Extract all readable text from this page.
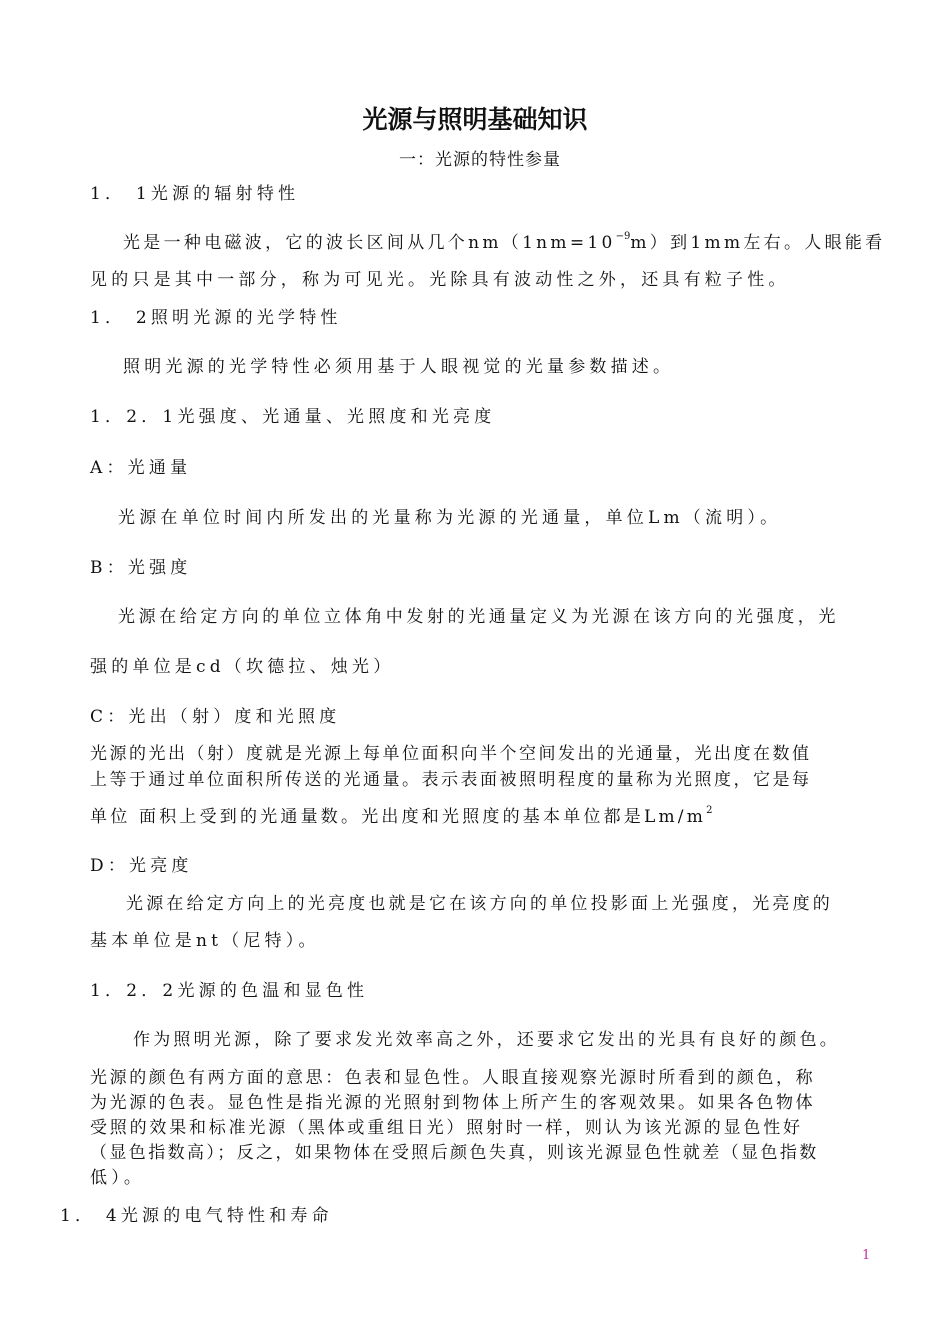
光源与照明基础知识
一：光源的特性参量
1． 1光源的辐射特性
光是一种电磁波，它的波长区间从几个$nm(1nm=10^{-9}m)$到1mm左右。人眼能看
见的只是其中一部分，称为可见光。光除具有波动性之外，还具有粒子性。
1． 2照明光源的光学特性
照明光源的光学特性必须用基于人眼视觉的光量参数描述。
1．2．1光强度、光通量、光照度和光亮度
A：光通量
光源在单位时间内所发出的光量称为光源的光通量，单位Lm（流明）。
B：光强度
光源在给定方向的单位立体角中发射的光通量定义为光源在该方向的光强度，光
强的单位是cd（坎德拉、烛光）
C：光出（射）度和光照度
光源的光出（射）度就是光源上每单位面积向半个空间发出的光通量，光出度在数值
上等于通过单位面积所传送的光通量。表示表面被照明程度的量称为光照度，它是每
单位 面积上受到的光通量数。光出度和光照度的基本单位都是$Lm/m^2$
D：光亮度
光源在给定方向上的光亮度也就是它在该方向的单位投影面上光强度，光亮度的
基本单位是nt（尼特）。
1．2．2光源的色温和显色性
作为照明光源，除了要求发光效率高之外，还要求它发出的光具有良好的颜色。
光源的颜色有两方面的意思：色表和显色性。人眼直接观察光源时所看到的颜色，称
为光源的色表。显色性是指光源的光照射到物体上所产生的客观效果。如果各色物体
受照的效果和标准光源（黑体或重组日光）照射时一样，则认为该光源的显色性好
（显色指数高）；反之，如果物体在受照后颜色失真，则该光源显色性就差（显色指数
低）。
1． 4光源的电气特性和寿命
1
